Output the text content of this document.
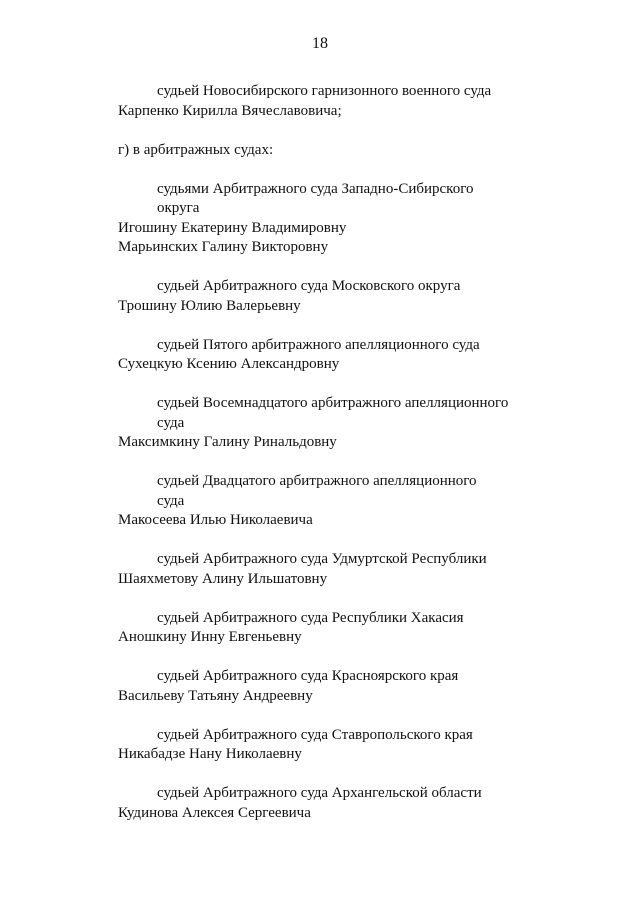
18
судьей Новосибирского гарнизонного военного суда
Карпенко Кирилла Вячеславовича;
г) в арбитражных судах:
судьями Арбитражного суда Западно-Сибирского округа
Игошину Екатерину Владимировну
Марьинских Галину Викторовну
судьей Арбитражного суда Московского округа
Трошину Юлию Валерьевну
судьей Пятого арбитражного апелляционного суда
Сухецкую Ксению Александровну
судьей Восемнадцатого арбитражного апелляционного
суда
Максимкину Галину Ринальдовну
судьей Двадцатого арбитражного апелляционного
суда
Макосеева Илью Николаевича
судьей Арбитражного суда Удмуртской Республики
Шаяхметову Алину Ильшатовну
судьей Арбитражного суда Республики Хакасия
Аношкину Инну Евгеньевну
судьей Арбитражного суда Красноярского края
Васильеву Татьяну Андреевну
судьей Арбитражного суда Ставропольского края
Никабадзе Нану Николаевну
судьей Арбитражного суда Архангельской области
Кудинова Алексея Сергеевича
